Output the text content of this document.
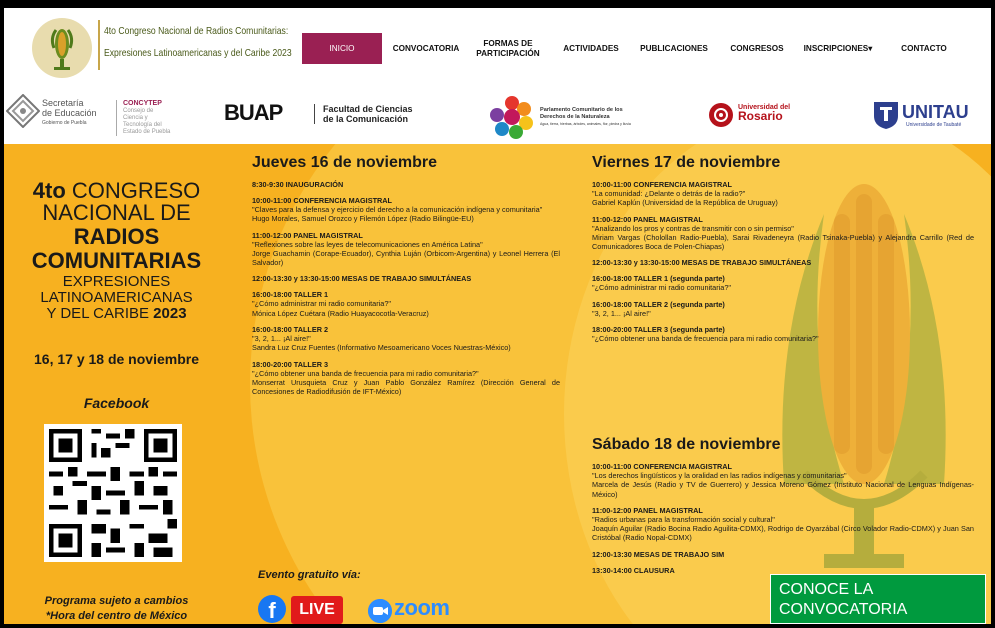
4to Congreso Nacional de Radios Comunitarias:
Expresiones Latinoamericanas y del Caribe 2023	INICIO	CONVOCATORIA
FORMAS DE
PARTICIPACIÓN
ACTIVIDADES	PUBLICACIONES	CONGRESOS	INSCRIPCIONES▾	CONTACTO
Secretaría
de Educación
Gobierno de Puebla
CONCYTEP
Consejo de Ciencia y Tecnología del Estado de Puebla
BUAP	Facultad de Ciencias
de la Comunicación
Parlamento Comunitario de los
Derechos de la Naturaleza
Agua, tierra, hierbas, árboles, animales, flor, piedra y lluvia
Universidad del
Rosario	UNITAU
Universidade de Taubaté
4to CONGRESO
NACIONAL DE
RADIOS
COMUNITARIAS
EXPRESIONES
LATINOAMERICANAS
Y DEL CARIBE 2023
16, 17 y 18 de noviembre
Facebook
Programa sujeto a cambios
*Hora del centro de México
Jueves 16 de noviembre
8:30-9:30 INAUGURACIÓN
10:00-11:00 CONFERENCIA MAGISTRAL
"Claves para la defensa y ejercicio del derecho a la comunicación indígena y comunitaria"
Hugo Morales, Samuel Orozco y Filemón López (Radio Bilingüe-EU)
11:00-12:00 PANEL MAGISTRAL
"Reflexiones sobre las leyes de telecomunicaciones en América Latina"
Jorge Guachamin (Corape-Ecuador), Cynthia Luján (Orbicom-Argentina) y Leonel Herrera (El Salvador)
12:00-13:30 y 13:30-15:00 MESAS DE TRABAJO SIMULTÁNEAS
16:00-18:00 TALLER 1
"¿Cómo administrar mi radio comunitaria?"
Mónica López Cuétara (Radio Huayacocotla-Veracruz)
16:00-18:00 TALLER 2
"3, 2, 1... ¡Al aire!"
Sandra Luz Cruz Fuentes (Informativo Mesoamericano Voces Nuestras-México)
18:00-20:00 TALLER 3
"¿Cómo obtener una banda de frecuencia para mi radio comunitaria?"
Monserrat Urusquieta Cruz y Juan Pablo González Ramírez (Dirección General de Concesiones de Radiodifusión de IFT-México)
Viernes 17 de noviembre
10:00-11:00 CONFERENCIA MAGISTRAL
"La comunidad: ¿Delante o detrás de la radio?"
Gabriel Kaplún (Universidad de la República de Uruguay)
11:00-12:00 PANEL MAGISTRAL
"Analizando los pros y contras de transmitir con o sin permiso"
Miriam Vargas (Cholollan Radio-Puebla), Sarai Rivadeneyra (Radio Tsinaka-Puebla) y Alejandra Carrillo (Red de Comunicadores Boca de Polen-Chiapas)
12:00-13:30 y 13:30-15:00 MESAS DE TRABAJO SIMULTÁNEAS
16:00-18:00 TALLER 1 (segunda parte)
"¿Cómo administrar mi radio comunitaria?"
16:00-18:00 TALLER 2 (segunda parte)
"3, 2, 1... ¡Al aire!"
18:00-20:00 TALLER 3 (segunda parte)
"¿Cómo obtener una banda de frecuencia para mi radio comunitaria?"
Sábado 18 de noviembre
10:00-11:00 CONFERENCIA MAGISTRAL
"Los derechos lingüísticos y la oralidad en las radios indígenas y comunitarias"
Marcela de Jesús (Radio y TV de Guerrero) y Jessica Moreno Gómez (Instituto Nacional de Lenguas Indígenas-México)
11:00-12:00 PANEL MAGISTRAL
"Radios urbanas para la transformación social y cultural"
Joaquín Aguilar (Radio Bocina Radio Aguilita-CDMX), Rodrigo de Oyarzábal (Circo Volador Radio-CDMX) y Juan San Cristóbal (Radio Nopal-CDMX)
12:00-13:30 MESAS DE TRABAJO SIM
13:30-14:00 CLAUSURA
Evento gratuito vía:
f	LIVE	zoom
CONOCE LA CONVOCATORIA
